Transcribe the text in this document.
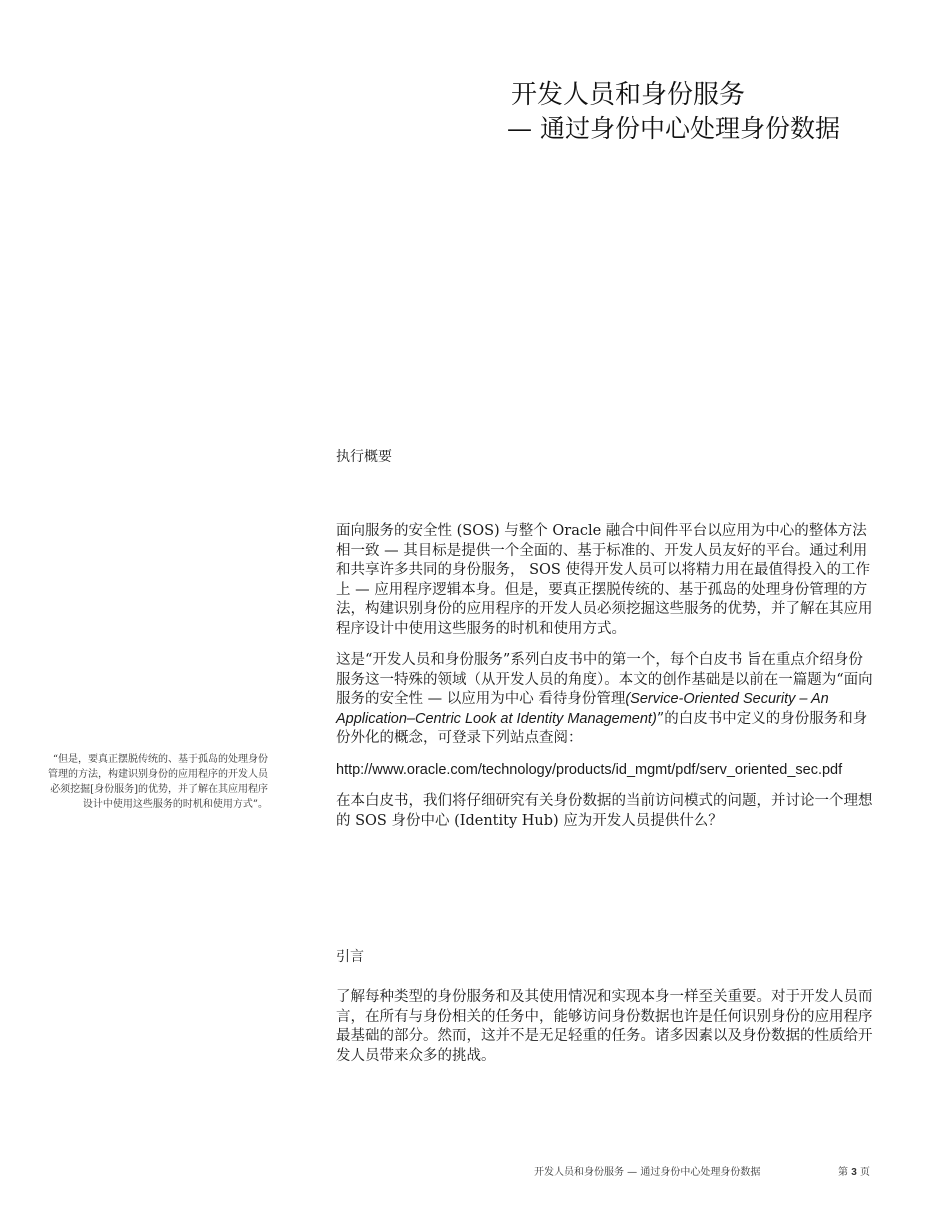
开发人员和身份服务
— 通过身份中心处理身份数据
执行概要

面向服务的安全性 (SOS) 与整个 Oracle 融合中间件平台以应用为中心的整体方法相一致 — 其目标是提供一个全面的、基于标准的、开发人员友好的平台。通过利用和共享许多共同的身份服务， SOS 使得开发人员可以将精力用在最值得投入的工作上 — 应用程序逻辑本身。但是，要真正摆脱传统的、基于孤岛的处理身份管理的方法，构建识别身份的应用程序的开发人员必须挖掘这些服务的优势，并了解在其应用程序设计中使用这些服务的时机和使用方式。

这是“开发人员和身份服务”系列白皮书中的第一个，每个白皮书 旨在重点介绍身份服务这一特殊的领域（从开发人员的角度）。本文的创作基础是以前在一篇题为“面向服务的安全性 — 以应用为中心 看待身份管理(Service-Oriented Security – An Application–Centric Look at Identity Management)”的白皮书中定义的身份服务和身份外化的概念，可登录下列站点查阅：

http://www.oracle.com/technology/products/id_mgmt/pdf/serv_oriented_sec.pdf

在本白皮书，我们将仔细研究有关身份数据的当前访问模式的问题，并讨论一个理想的 SOS 身份中心 (Identity Hub) 应为开发人员提供什么？

引言

了解每种类型的身份服务和及其使用情况和实现本身一样至关重要。对于开发人员而言，在所有与身份相关的任务中，能够访问身份数据也许是任何识别身份的应用程序最基础的部分。然而，这并不是无足轻重的任务。诸多因素以及身份数据的性质给开发人员带来众多的挑战。

“但是，要真正摆脱传统的、基于孤岛的处理身份管理的方法，构建识别身份的应用程序的开发人员必须挖掘[身份服务]的优势，并了解在其应用程序设计中使用这些服务的时机和使用方式”。
开发人员和身份服务 — 通过身份中心处理身份数据	第 3 页
